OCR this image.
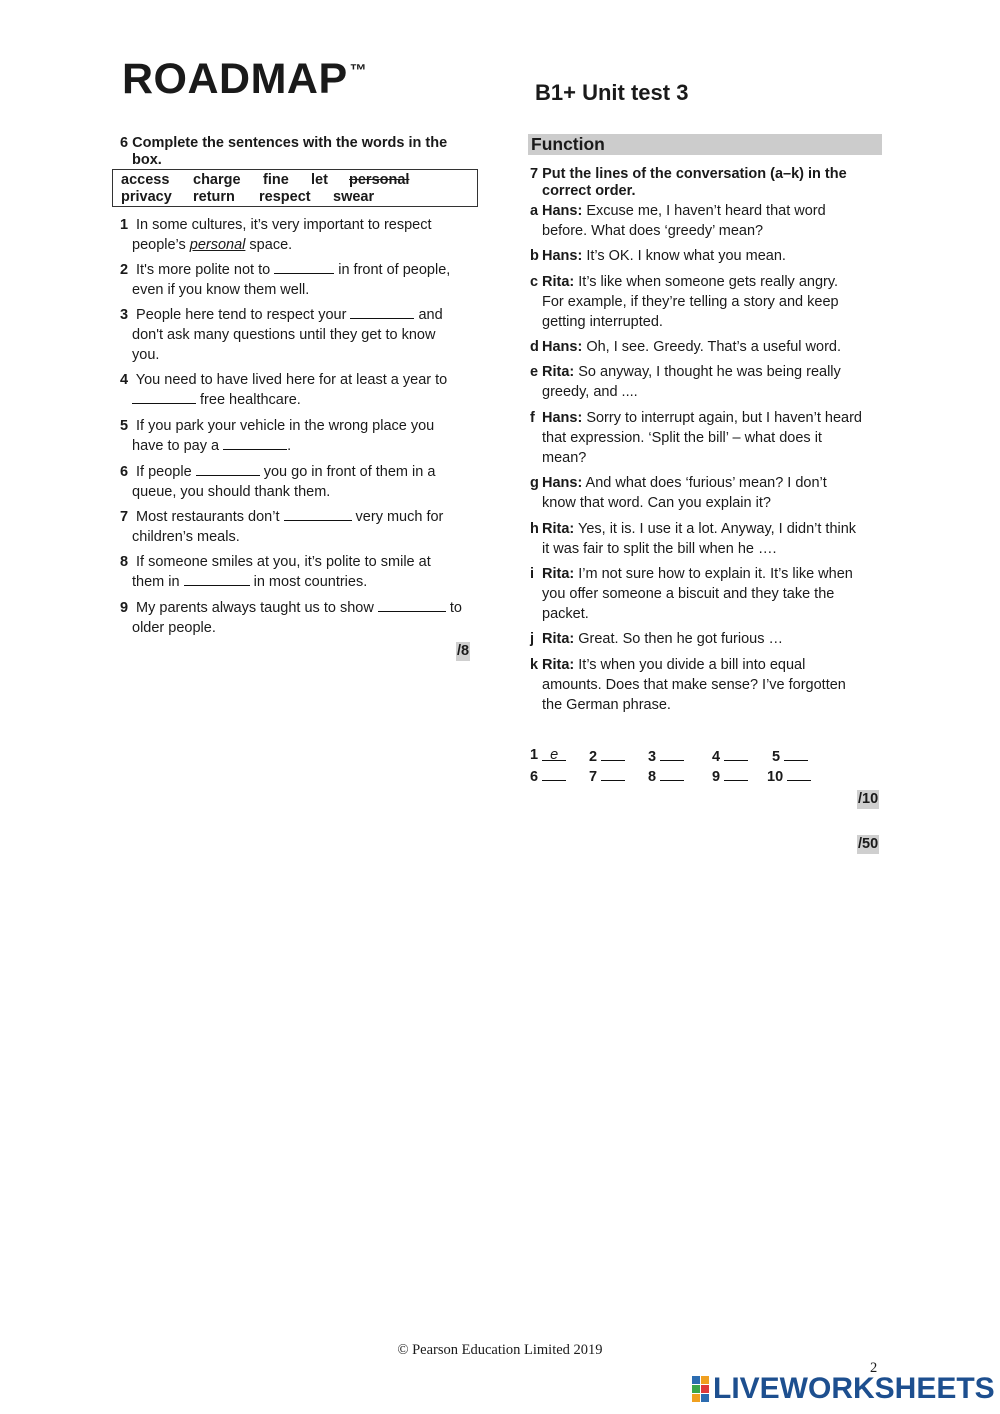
ROADMAP ™
B1+ Unit test 3
6 Complete the sentences with the words in the
box.
access	charge	fine	let	personal
privacy	return	respect	swear
1 In some cultures, it’s very important to respect
people’s personal space.
2 It's more polite not to	in front of people,
even if you know them well.
3 People here tend to respect your	and
don't ask many questions until they get to know
you.
4 You need to have lived here for at least a year to
free healthcare.
5 If you park your vehicle in the wrong place you
have to pay a	.
6 If people	you go in front of them in a
queue, you should thank them.
7 Most restaurants don’t	very much for
children’s meals.
8 If someone smiles at you, it’s polite to smile at
them in	in most countries.
9 My parents always taught us to show	to
older people.
/8
Function
7 Put the lines of the conversation (a–k) in the
correct order.
a Hans: Excuse me, I haven’t heard that word
before. What does ‘greedy’ mean?
b Hans: It’s OK. I know what you mean.
c Rita: It’s like when someone gets really angry.
For example, if they’re telling a story and keep
getting interrupted.
d Hans: Oh, I see. Greedy. That’s a useful word.
e Rita: So anyway, I thought he was being really
greedy, and ....
f Hans: Sorry to interrupt again, but I haven’t heard
that expression. ‘Split the bill’ – what does it
mean?
g Hans: And what does ‘furious’ mean? I don’t
know that word. Can you explain it?
h Rita: Yes, it is. I use it a lot. Anyway, I didn’t think
it was fair to split the bill when he ….
i Rita: I’m not sure how to explain it. It’s like when
you offer someone a biscuit and they take the
packet.
j Rita: Great. So then he got furious …
k Rita: It’s when you divide a bill into equal
amounts. Does that make sense? I’ve forgotten
the German phrase.
1 e	2	3	4	5
6	7	8	9	10
/10
/50
© Pearson Education Limited 2019
2
LIVEWORKSHEETS
